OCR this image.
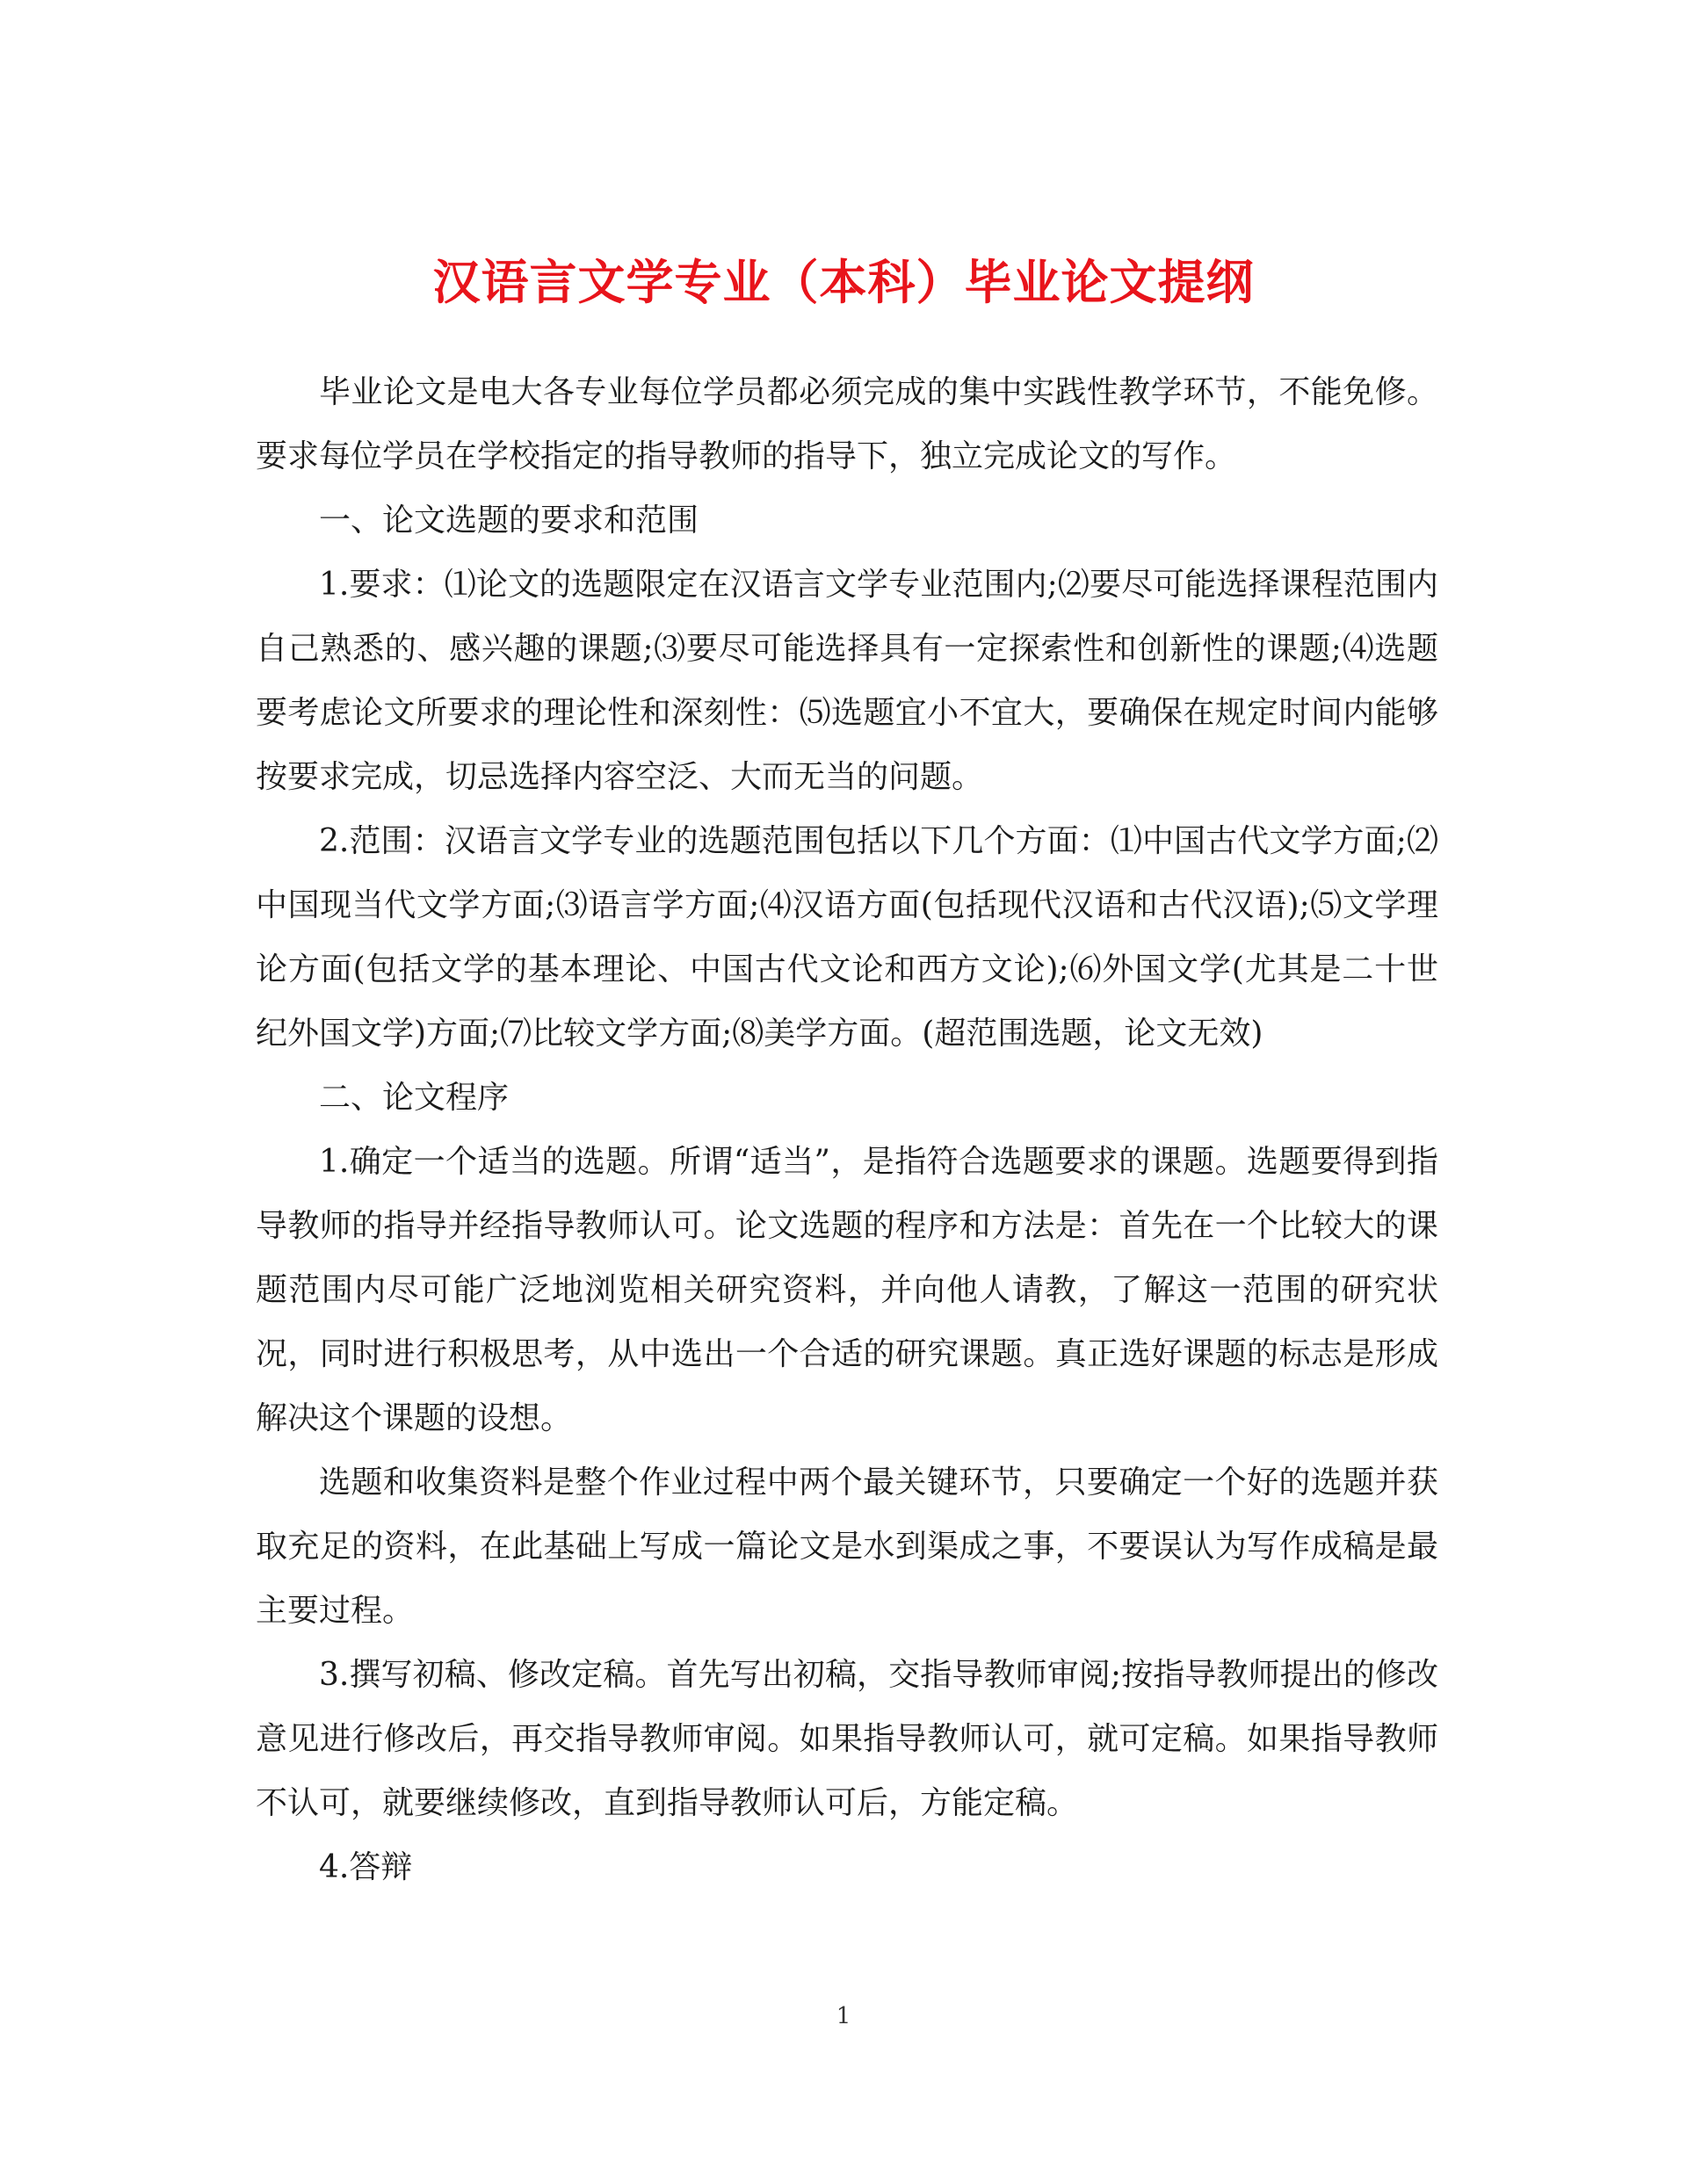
汉语言文学专业（本科）毕业论文提纲

毕业论文是电大各专业每位学员都必须完成的集中实践性教学环节，不能免修。要求每位学员在学校指定的指导教师的指导下，独立完成论文的写作。

一、论文选题的要求和范围

1.要求：⑴论文的选题限定在汉语言文学专业范围内;⑵要尽可能选择课程范围内自己熟悉的、感兴趣的课题;⑶要尽可能选择具有一定探索性和创新性的课题;⑷选题要考虑论文所要求的理论性和深刻性：⑸选题宜小不宜大，要确保在规定时间内能够按要求完成，切忌选择内容空泛、大而无当的问题。

2.范围：汉语言文学专业的选题范围包括以下几个方面：⑴中国古代文学方面;⑵中国现当代文学方面;⑶语言学方面;⑷汉语方面(包括现代汉语和古代汉语);⑸文学理论方面(包括文学的基本理论、中国古代文论和西方文论);⑹外国文学(尤其是二十世纪外国文学)方面;⑺比较文学方面;⑻美学方面。(超范围选题，论文无效)

二、论文程序

1.确定一个适当的选题。所谓“适当”，是指符合选题要求的课题。选题要得到指导教师的指导并经指导教师认可。论文选题的程序和方法是：首先在一个比较大的课题范围内尽可能广泛地浏览相关研究资料，并向他人请教，了解这一范围的研究状况，同时进行积极思考，从中选出一个合适的研究课题。真正选好课题的标志是形成解决这个课题的设想。

选题和收集资料是整个作业过程中两个最关键环节，只要确定一个好的选题并获取充足的资料，在此基础上写成一篇论文是水到渠成之事，不要误认为写作成稿是最主要过程。

3.撰写初稿、修改定稿。首先写出初稿，交指导教师审阅;按指导教师提出的修改意见进行修改后，再交指导教师审阅。如果指导教师认可，就可定稿。如果指导教师不认可，就要继续修改，直到指导教师认可后，方能定稿。

4.答辩

1
